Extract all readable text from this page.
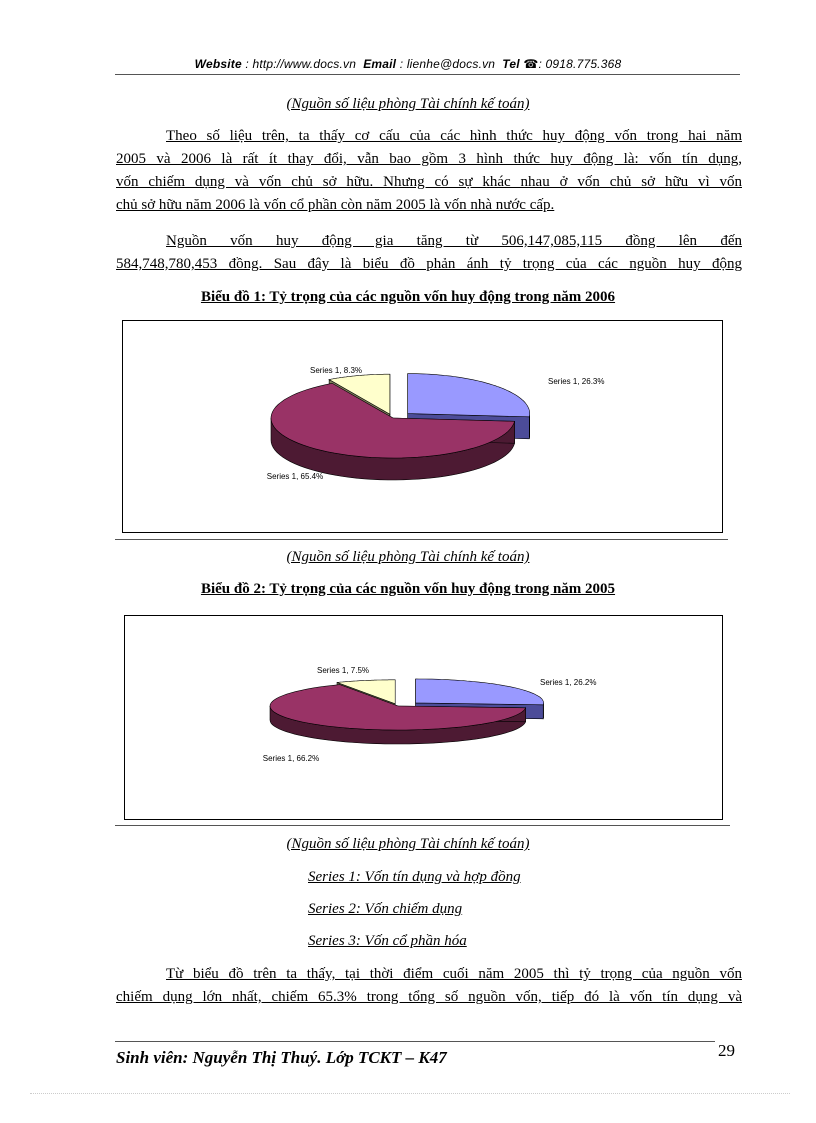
Website : http://www.docs.vn Email : lienhe@docs.vn Tel ☎: 0918.775.368
(Nguồn số liệu phòng Tài chính kế toán)
Theo số liệu trên, ta thấy cơ cấu của các hình thức huy động vốn trong hai năm
2005 và 2006 là rất ít thay đổi, vẫn bao gồm 3 hình thức huy động là: vốn tín dụng,
vốn chiếm dụng và vốn chủ sở hữu. Nhưng có sự khác nhau ở vốn chủ sở hữu vì vốn
chủ sở hữu năm 2006 là vốn cổ phần còn năm 2005 là vốn nhà nước cấp.
Nguồn vốn huy động gia tăng từ 506,147,085,115 đồng lên đến
584,748,780,453 đồng. Sau đây là biểu đồ phản ánh tỷ trọng của các nguồn huy động
Biểu đồ 1: Tỷ trọng của các nguồn vốn huy động trong năm 2006
Series 1, 26.3%
Series 1, 65.4%
Series 1, 8.3%
(Nguồn số liệu phòng Tài chính kế toán)
Biểu đồ 2: Tỷ trọng của các nguồn vốn huy động trong năm 2005
Series 1, 26.2%
Series 1, 66.2%
Series 1, 7.5%
(Nguồn số liệu phòng Tài chính kế toán)
Series 1: Vốn tín dụng và hợp đồng
Series 2: Vốn chiếm dụng
Series 3: Vốn cổ phần hóa
Từ biểu đồ trên ta thấy, tại thời điểm cuối năm 2005 thì tỷ trọng của nguồn vốn
chiếm dụng lớn nhất, chiếm 65.3% trong tổng số nguồn vốn, tiếp đó là vốn tín dụng và
Sinh viên: Nguyễn Thị Thuý. Lớp TCKT – K47	29
